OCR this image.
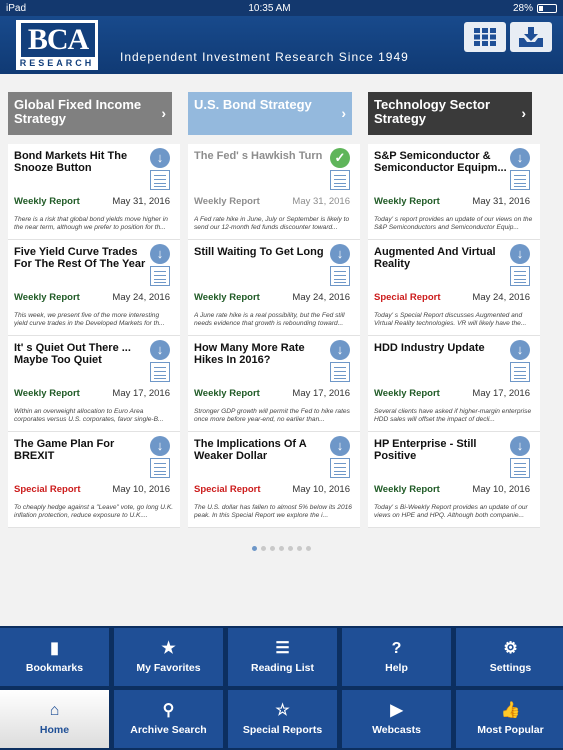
iPad	10:35 AM	28%
BCA
RESEARCH Independent Investment Research Since 1949
Global Fixed Income Strategy	›
Bond Markets Hit The Snooze Button
↓
Weekly Report	May 31, 2016
There is a risk that global bond yields move higher in the near term, although we prefer to position for th...
Five Yield Curve Trades For The Rest Of The Year
↓
Weekly Report	May 24, 2016
This week, we present five of the more interesting yield curve trades in the Developed Markets for th...
It' s Quiet Out There ... Maybe Too Quiet
↓
Weekly Report	May 17, 2016
Within an overweight allocation to Euro Area corporates versus U.S. corporates, favor single-B...
The Game Plan For BREXIT
↓
Special Report	May 10, 2016
To cheaply hedge against a "Leave" vote, go long U.K. inflation protection, reduce exposure to U.K....
U.S. Bond Strategy
›
The Fed' s Hawkish Turn ✓
Weekly Report	May 31, 2016
A Fed rate hike in June, July or September is likely to send our 12-month fed funds discounter toward...
Still Waiting To Get Long	↓
Weekly Report	May 24, 2016
A June rate hike is a real possibility, but the Fed still needs evidence that growth is rebounding toward...
How Many More Rate Hikes In 2016?
↓
Weekly Report	May 17, 2016
Stronger GDP growth will permit the Fed to hike rates once more before year-end, no earlier than...
The Implications Of A Weaker Dollar
↓
Special Report	May 10, 2016
The U.S. dollar has fallen to almost 5% below its 2016 peak. In this Special Report we explore the i...
Technology Sector Strategy	›
S&P Semiconductor & Semiconductor Equipm...
↓
Weekly Report	May 31, 2016
Today' s report provides an update of our views on the S&P Semiconductors and Semiconductor Equip...
Augmented And Virtual Reality
↓
Special Report	May 24, 2016
Today' s Special Report discusses Augmented and Virtual Reality technologies. VR will likely have the...
HDD Industry Update	↓
Weekly Report	May 17, 2016
Several clients have asked if higher-margin enterprise HDD sales will offset the impact of decli...
HP Enterprise - Still Positive
↓
Weekly Report	May 10, 2016
Today' s Bi-Weekly Report provides an update of our views on HPE and HPQ. Although both companie...
▮
Bookmarks
★
My Favorites
☰
Reading List
?
Help
⚙
Settings
⌂
Home
⚲
Archive Search
☆
Special Reports
▶
Webcasts
👍
Most Popular
